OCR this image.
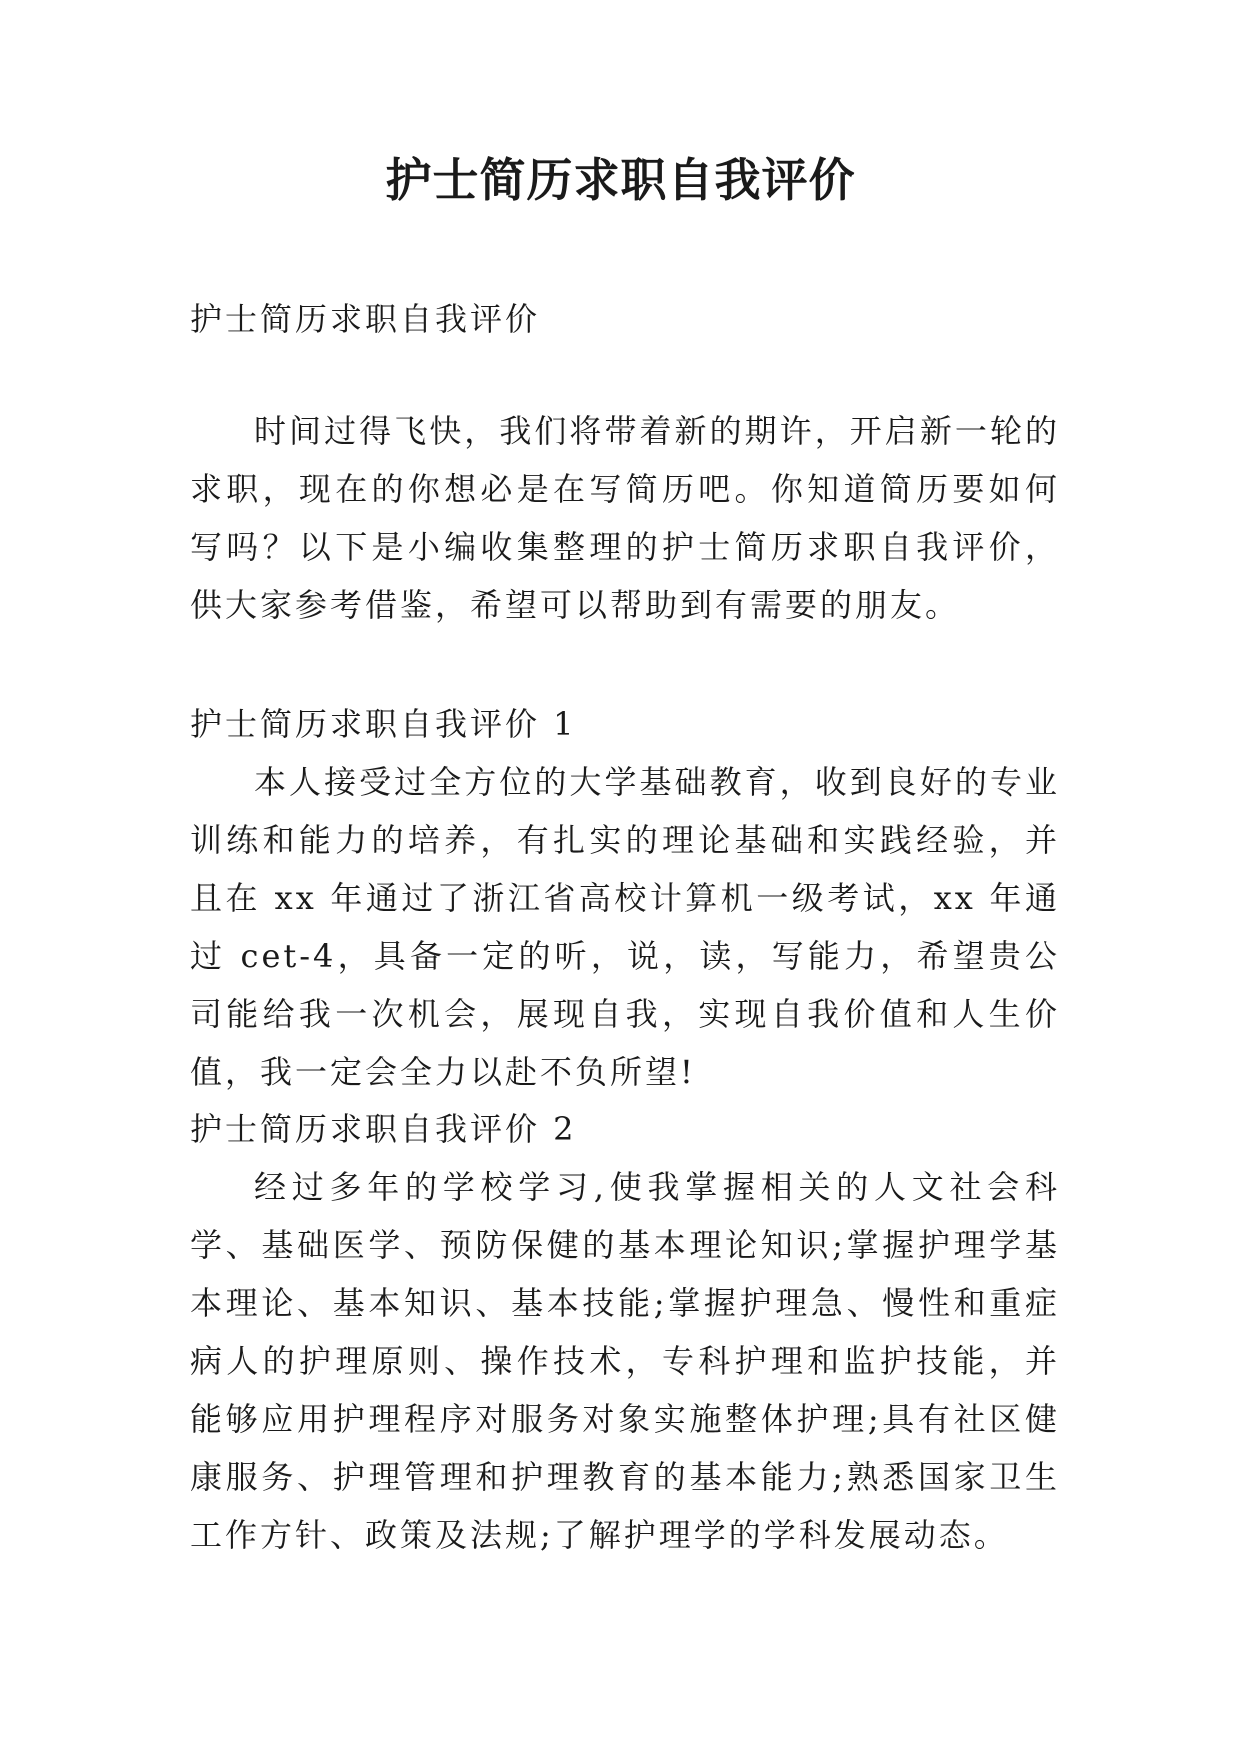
护士简历求职自我评价

护士简历求职自我评价

时间过得飞快，我们将带着新的期许，开启新一轮的求职，现在的你想必是在写简历吧。你知道简历要如何写吗？以下是小编收集整理的护士简历求职自我评价，供大家参考借鉴，希望可以帮助到有需要的朋友。

护士简历求职自我评价 1

本人接受过全方位的大学基础教育，收到良好的专业训练和能力的培养，有扎实的理论基础和实践经验，并且在 xx 年通过了浙江省高校计算机一级考试，xx 年通过 cet-4，具备一定的听，说，读，写能力，希望贵公司能给我一次机会，展现自我，实现自我价值和人生价值，我一定会全力以赴不负所望!

护士简历求职自我评价 2

经过多年的学校学习,使我掌握相关的人文社会科学、基础医学、预防保健的基本理论知识;掌握护理学基本理论、基本知识、基本技能;掌握护理急、慢性和重症病人的护理原则、操作技术，专科护理和监护技能，并能够应用护理程序对服务对象实施整体护理;具有社区健康服务、护理管理和护理教育的基本能力;熟悉国家卫生工作方针、政策及法规;了解护理学的学科发展动态。
